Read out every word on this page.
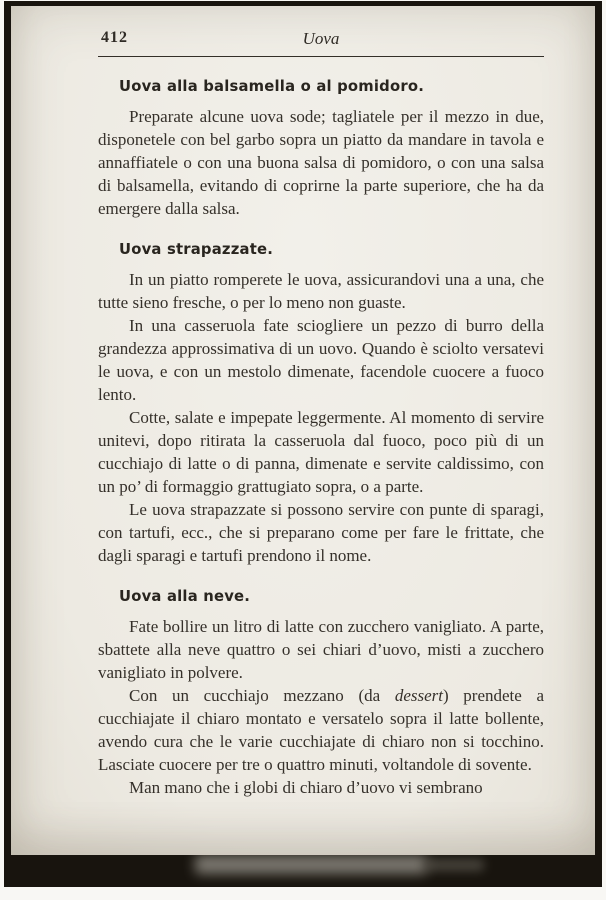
412	Uova
Uova alla balsamella o al pomidoro.

Preparate alcune uova sode; tagliatele per il mezzo in due, disponetele con bel garbo sopra un piatto da mandare in tavola e annaffiatele o con una buona salsa di pomidoro, o con una salsa di balsamella, evitando di coprirne la parte superiore, che ha da emergere dalla salsa.

Uova strapazzate.

In un piatto romperete le uova, assicurandovi una a una, che tutte sieno fresche, o per lo meno non guaste.

In una casseruola fate sciogliere un pezzo di burro della grandezza approssimativa di un uovo. Quando è sciolto versatevi le uova, e con un mestolo dimenate, facendole cuocere a fuoco lento.

Cotte, salate e impepate leggermente. Al momento di servire unitevi, dopo ritirata la casseruola dal fuoco, poco più di un cucchiajo di latte o di panna, dimenate e servite caldissimo, con un po’ di formaggio grattugiato sopra, o a parte.

Le uova strapazzate si possono servire con punte di sparagi, con tartufi, ecc., che si preparano come per fare le frittate, che dagli sparagi e tartufi prendono il nome.

Uova alla neve.

Fate bollire un litro di latte con zucchero vanigliato. A parte, sbattete alla neve quattro o sei chiari d’uovo, misti a zucchero vanigliato in polvere.

Con un cucchiajo mezzano (da dessert) prendete a cucchiajate il chiaro montato e versatelo sopra il latte bollente, avendo cura che le varie cucchiajate di chiaro non si tocchino. Lasciate cuocere per tre o quattro minuti, voltandole di sovente.

Man mano che i globi di chiaro d’uovo vi sembrano
